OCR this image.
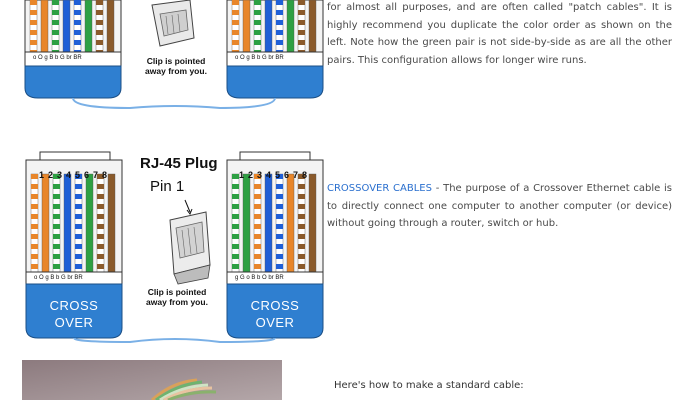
o O g B b G br BR	o O g B b G br BR
Clip is pointed
away from you.
for almost all purposes, and are often called "patch cables". It is highly recommend you duplicate the color order as shown on the left. Note how the green pair is not side-by-side as are all the other pairs. This configuration allows for longer wire runs.
1 2 3 4 5 6 7 8	1 2 3 4 5 6 7 8
RJ-45 Plug
Pin 1
o O g B b G br BR	g G o B b O br BR
Clip is pointed
away from you.
CROSS
OVER
CROSS
OVER
CROSSOVER CABLES - The purpose of a Crossover Ethernet cable is to directly connect one computer to another computer (or device) without going through a router, switch or hub.
Here's how to make a standard cable:
